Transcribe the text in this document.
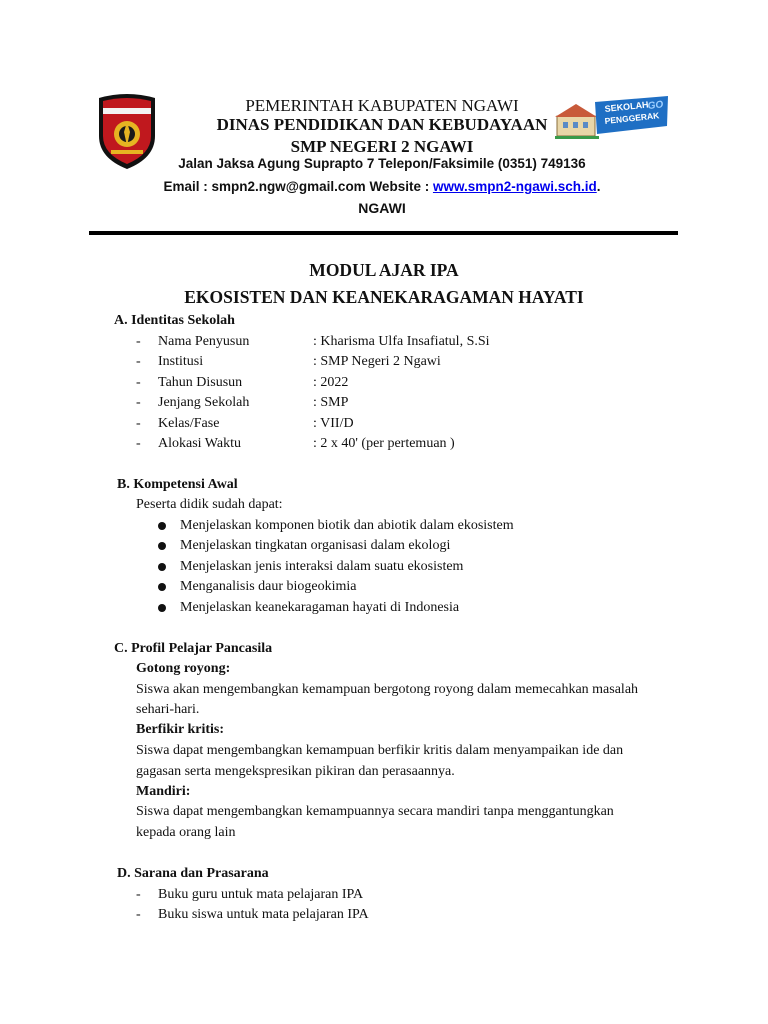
SEKOLAH
PENGGERAK
GO
PEMERINTAH KABUPATEN NGAWI
DINAS PENDIDIKAN DAN KEBUDAYAAN
SMP NEGERI 2 NGAWI
Jalan Jaksa Agung Suprapto 7 Telepon/Faksimile (0351) 749136
Email : smpn2.ngw@gmail.com Website : www.smpn2-ngawi.sch.id.
NGAWI
MODUL AJAR IPA
EKOSISTEN DAN KEANEKARAGAMAN HAYATI
A. Identitas Sekolah
- Nama Penyusun	: Kharisma Ulfa Insafiatul, S.Si
- Institusi	: SMP Negeri 2 Ngawi
- Tahun Disusun	: 2022
- Jenjang Sekolah	: SMP
- Kelas/Fase	: VII/D
- Alokasi Waktu	: 2 x 40' (per pertemuan )
B. Kompetensi Awal
Peserta didik sudah dapat:
Menjelaskan komponen biotik dan abiotik dalam ekosistem
Menjelaskan tingkatan organisasi dalam ekologi
Menjelaskan jenis interaksi dalam suatu ekosistem
Menganalisis daur biogeokimia
Menjelaskan keanekaragaman hayati di Indonesia
C. Profil Pelajar Pancasila
Gotong royong:
Siswa akan mengembangkan kemampuan bergotong royong dalam memecahkan masalah
sehari-hari.
Berfikir kritis:
Siswa dapat mengembangkan kemampuan berfikir kritis dalam menyampaikan ide dan
gagasan serta mengekspresikan pikiran dan perasaannya.
Mandiri:
Siswa dapat mengembangkan kemampuannya secara mandiri tanpa menggantungkan
kepada orang lain
D. Sarana dan Prasarana
- Buku guru untuk mata pelajaran IPA
- Buku siswa untuk mata pelajaran IPA
